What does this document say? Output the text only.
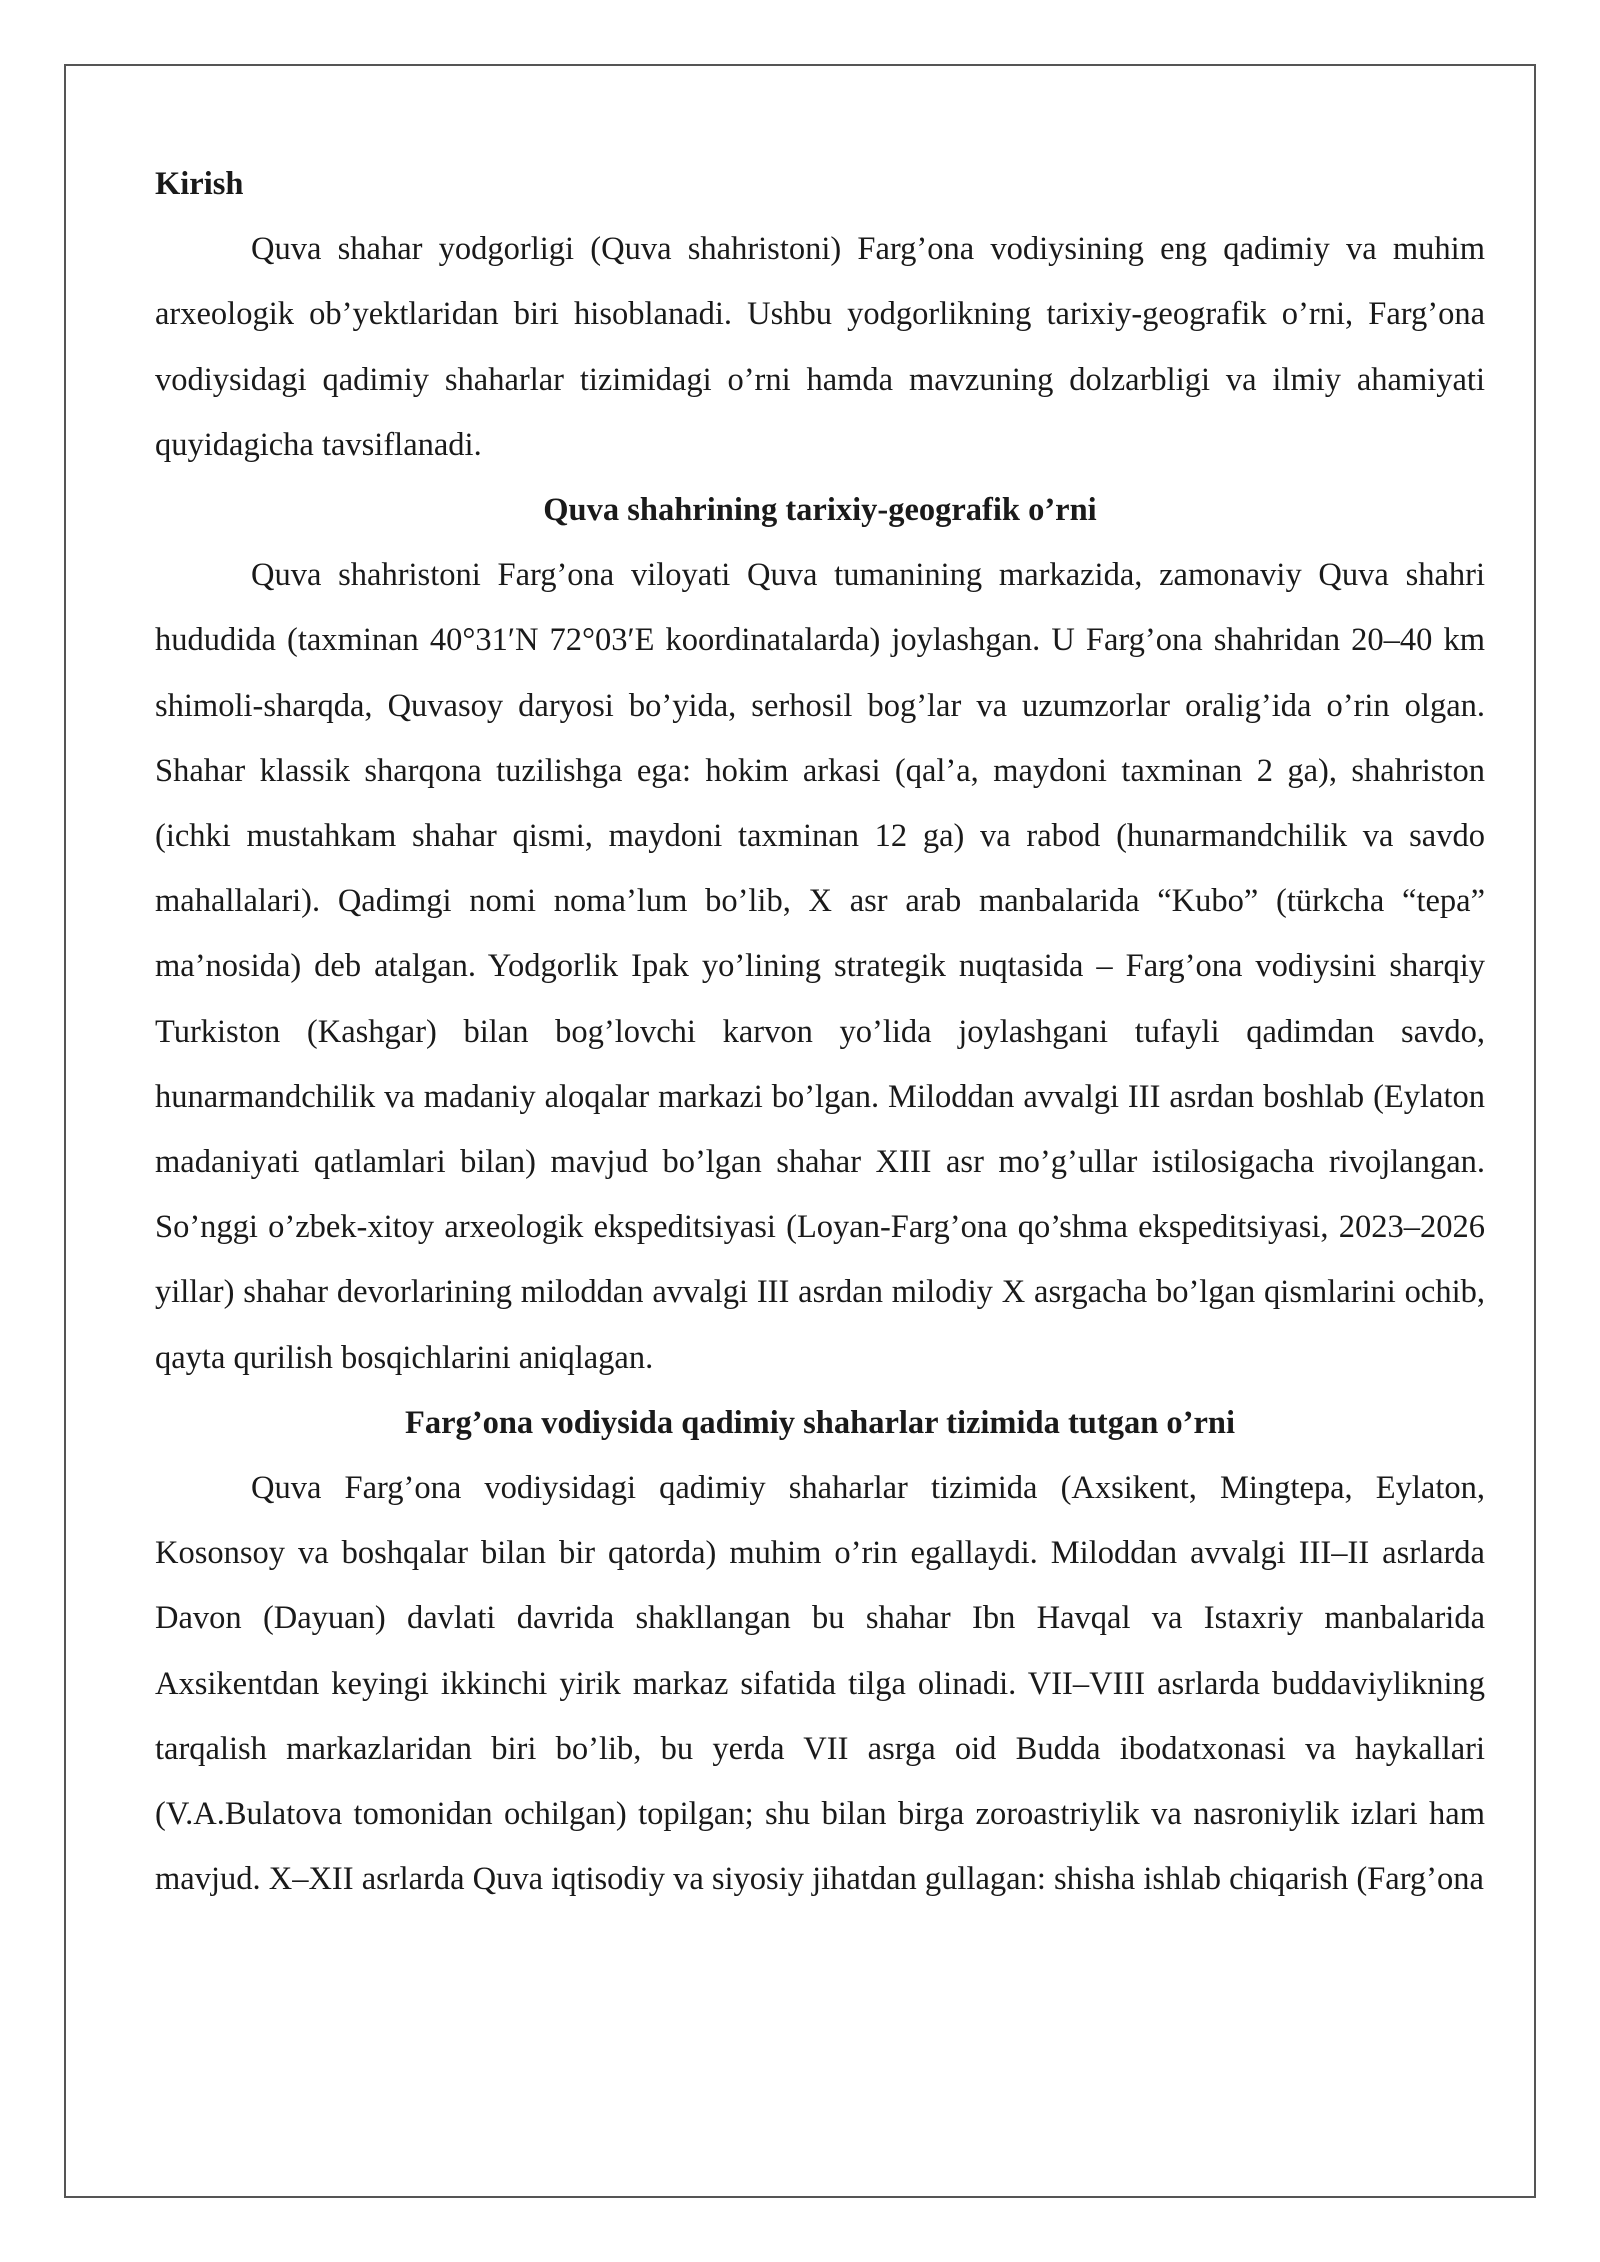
Kirish

Quva shahar yodgorligi (Quva shahristoni) Farg’ona vodiysining eng qadimiy va muhim arxeologik ob’yektlaridan biri hisoblanadi. Ushbu yodgorlikning tarixiy-geografik o’rni, Farg’ona vodiysidagi qadimiy shaharlar tizimidagi o’rni hamda mavzuning dolzarbligi va ilmiy ahamiyati quyidagicha tavsiflanadi.

Quva shahrining tarixiy-geografik o’rni

Quva shahristoni Farg’ona viloyati Quva tumanining markazida, zamonaviy Quva shahri hududida (taxminan 40°31′N 72°03′E koordinatalarda) joylashgan. U Farg’ona shahridan 20–40 km shimoli-sharqda, Quvasoy daryosi bo’yida, serhosil bog’lar va uzumzorlar oralig’ida o’rin olgan. Shahar klassik sharqona tuzilishga ega: hokim arkasi (qal’a, maydoni taxminan 2 ga), shahriston (ichki mustahkam shahar qismi, maydoni taxminan 12 ga) va rabod (hunarmandchilik va savdo mahallalari). Qadimgi nomi noma’lum bo’lib, X asr arab manbalarida “Kubo” (türkcha “tepa” ma’nosida) deb atalgan. Yodgorlik Ipak yo’lining strategik nuqtasida – Farg’ona vodiysini sharqiy Turkiston (Kashgar) bilan bog’lovchi karvon yo’lida joylashgani tufayli qadimdan savdo, hunarmandchilik va madaniy aloqalar markazi bo’lgan. Miloddan avvalgi III asrdan boshlab (Eylaton madaniyati qatlamlari bilan) mavjud bo’lgan shahar XIII asr mo’g’ullar istilosigacha rivojlangan. So’nggi o’zbek-xitoy arxeologik ekspeditsiyasi (Loyan-Farg’ona qo’shma ekspeditsiyasi, 2023–2026 yillar) shahar devorlarining miloddan avvalgi III asrdan milodiy X asrgacha bo’lgan qismlarini ochib, qayta qurilish bosqichlarini aniqlagan.

Farg’ona vodiysida qadimiy shaharlar tizimida tutgan o’rni

Quva Farg’ona vodiysidagi qadimiy shaharlar tizimida (Axsikent, Mingtepa, Eylaton, Kosonsoy va boshqalar bilan bir qatorda) muhim o’rin egallaydi. Miloddan avvalgi III–II asrlarda Davon (Dayuan) davlati davrida shakllangan bu shahar Ibn Havqal va Istaxriy manbalarida Axsikentdan keyingi ikkinchi yirik markaz sifatida tilga olinadi. VII–VIII asrlarda buddaviylikning tarqalish markazlaridan biri bo’lib, bu yerda VII asrga oid Budda ibodatxonasi va haykallari (V.A.Bulatova tomonidan ochilgan) topilgan; shu bilan birga zoroastriylik va nasroniylik izlari ham mavjud. X–XII asrlarda Quva iqtisodiy va siyosiy jihatdan gullagan: shisha ishlab chiqarish (Farg’ona
